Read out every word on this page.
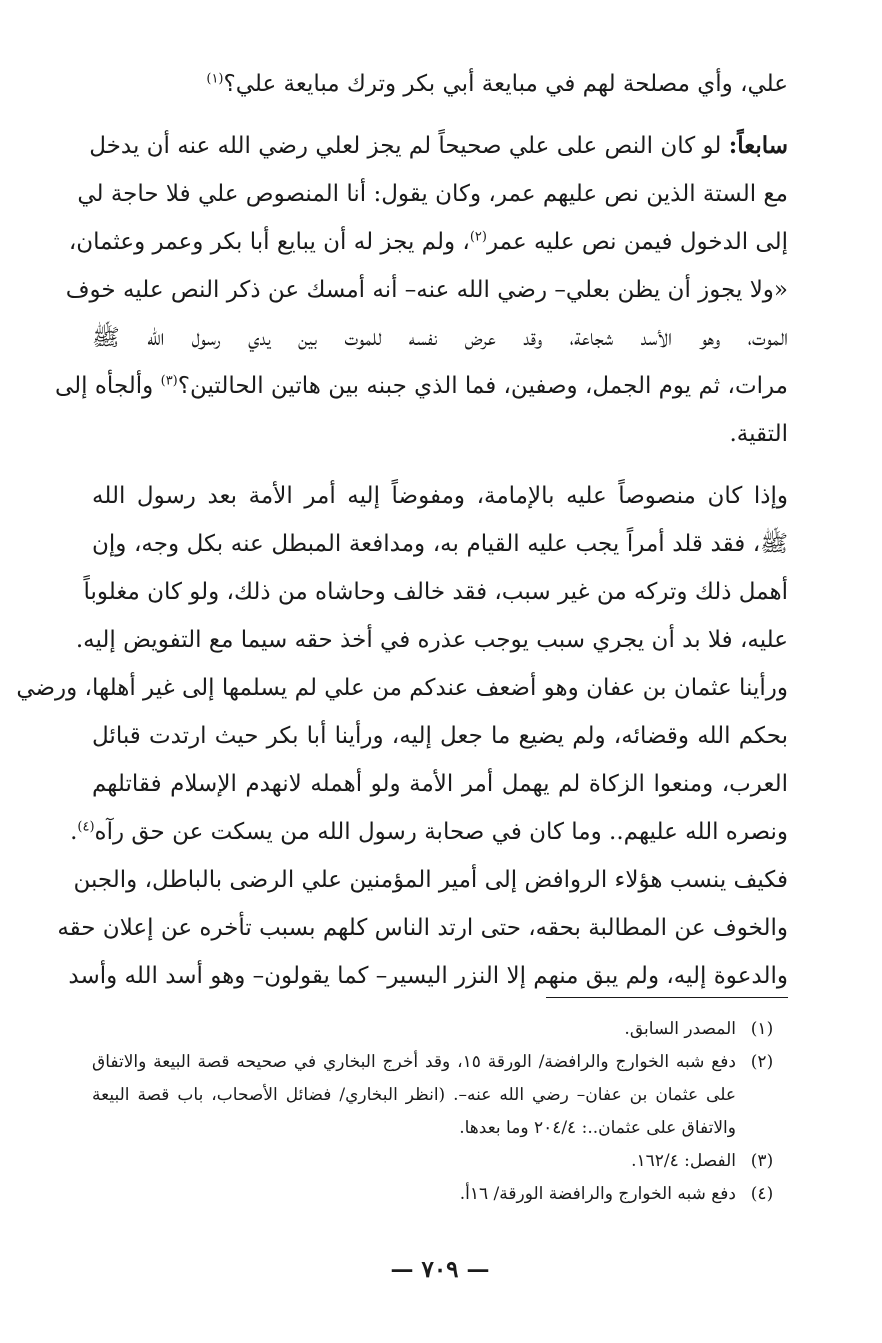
علي، وأي مصلحة لهم في مبايعة أبي بكر وترك مبايعة علي؟$^{(١)}$
سابعاً: لو كان النص على علي صحيحاً لم يجز لعلي رضي الله عنه أن يدخل
مع الستة الذين نص عليهم عمر، وكان يقول: أنا المنصوص علي فلا حاجة لي
إلى الدخول فيمن نص عليه عمر$^{(٢)}$، ولم يجز له أن يبايع أبا بكر وعمر وعثمان،
«ولا يجوز أن يظن بعلي– رضي الله عنه– أنه أمسك عن ذكر النص عليه خوف
الموت، وهو الأسد شجاعة، وقد عرض نفسه للموت بين يدي رسول الله ﷺ
مرات، ثم يوم الجمل، وصفين، فما الذي جبنه بين هاتين الحالتين؟$^{(٣)}$ وألجأه إلى
التقية.
وإذا كان منصوصاً عليه بالإمامة، ومفوضاً إليه أمر الأمة بعد رسول الله
ﷺ، فقد قلد أمراً يجب عليه القيام به، ومدافعة المبطل عنه بكل وجه، وإن
أهمل ذلك وتركه من غير سبب، فقد خالف وحاشاه من ذلك، ولو كان مغلوباً
عليه، فلا بد أن يجري سبب يوجب عذره في أخذ حقه سيما مع التفويض إليه.
ورأينا عثمان بن عفان وهو أضعف عندكم من علي لم يسلمها إلى غير أهلها، ورضي
بحكم الله وقضائه، ولم يضيع ما جعل إليه، ورأينا أبا بكر حيث ارتدت قبائل
العرب، ومنعوا الزكاة لم يهمل أمر الأمة ولو أهمله لانهدم الإسلام فقاتلهم
ونصره الله عليهم.. وما كان في صحابة رسول الله من يسكت عن حق رآه$^{(٤)}$.
فكيف ينسب هؤلاء الروافض إلى أمير المؤمنين علي الرضى بالباطل، والجبن
والخوف عن المطالبة بحقه، حتى ارتد الناس كلهم بسبب تأخره عن إعلان حقه
والدعوة إليه، ولم يبق منهم إلا النزر اليسير– كما يقولون– وهو أسد الله وأسد
(١)
المصدر السابق.
(٢)
دفع شبه الخوارج والرافضة/ الورقة ١٥، وقد أخرج البخاري في صحيحه قصة البيعة والاتفاق
على عثمان بن عفان– رضي الله عنه–. (انظر البخاري/ فضائل الأصحاب، باب قصة البيعة
والاتفاق على عثمان..: ٢٠٤/٤ وما بعدها.
(٣)
الفصل: ١٦٢/٤.
(٤)
دفع شبه الخوارج والرافضة الورقة/ ١٦أ.
— ٧٠٩ —
